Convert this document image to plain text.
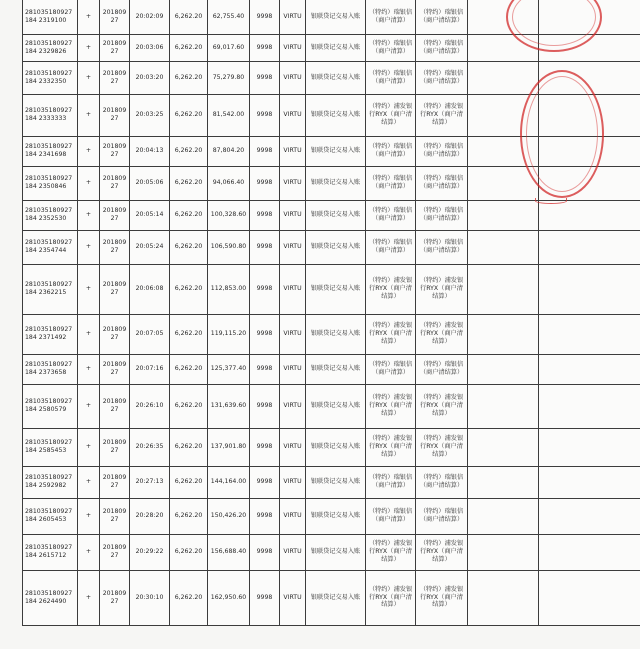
281035180927184 2319100	+	20180927	20:02:09	6,262.20	62,755.40	9998	VIRTU	银联贷记交易入账	（特约）瑞银信（商户清算）	（特约）瑞银信（商户清结算）		
281035180927184 2329826	+	20180927	20:03:06	6,262.20	69,017.60	9998	VIRTU	银联贷记交易入账	（特约）瑞银信（商户清算）	（特约）瑞银信（商户清结算）		
281035180927184 2332350	+	20180927	20:03:20	6,262.20	75,279.80	9998	VIRTU	银联贷记交易入账	（特约）瑞银信（商户清算）	（特约）瑞银信（商户清结算）		
281035180927184 2333333	+	20180927	20:03:25	6,262.20	81,542.00	9998	VIRTU	银联贷记交易入账	（特约）浦发银行RYX（商户清结算）	（特约）浦发银行RYX（商户清结算）		
281035180927184 2341698	+	20180927	20:04:13	6,262.20	87,804.20	9998	VIRTU	银联贷记交易入账	（特约）瑞银信（商户清算）	（特约）瑞银信（商户清结算）		
281035180927184 2350846	+	20180927	20:05:06	6,262.20	94,066.40	9998	VIRTU	银联贷记交易入账	（特约）瑞银信（商户清算）	（特约）瑞银信（商户清结算）		
281035180927184 2352530	+	20180927	20:05:14	6,262.20	100,328.60	9998	VIRTU	银联贷记交易入账	（特约）瑞银信（商户清算）	（特约）瑞银信（商户清结算）		
281035180927184 2354744	+	20180927	20:05:24	6,262.20	106,590.80	9998	VIRTU	银联贷记交易入账	（特约）瑞银信（商户清算）	（特约）瑞银信（商户清结算）		
281035180927184 2362215	+	20180927	20:06:08	6,262.20	112,853.00	9998	VIRTU	银联贷记交易入账	（特约）浦发银行RYX（商户清结算）	（特约）浦发银行RYX（商户清结算）		
281035180927184 2371492	+	20180927	20:07:05	6,262.20	119,115.20	9998	VIRTU	银联贷记交易入账	（特约）浦发银行RYX（商户清结算）	（特约）浦发银行RYX（商户清结算）		
281035180927184 2373658	+	20180927	20:07:16	6,262.20	125,377.40	9998	VIRTU	银联贷记交易入账	（特约）瑞银信（商户清算）	（特约）瑞银信（商户清结算）		
281035180927184 2580579	+	20180927	20:26:10	6,262.20	131,639.60	9998	VIRTU	银联贷记交易入账	（特约）浦发银行RYX（商户清结算）	（特约）浦发银行RYX（商户清结算）		
281035180927184 2585453	+	20180927	20:26:35	6,262.20	137,901.80	9998	VIRTU	银联贷记交易入账	（特约）浦发银行RYX（商户清结算）	（特约）浦发银行RYX（商户清结算）		
281035180927184 2592982	+	20180927	20:27:13	6,262.20	144,164.00	9998	VIRTU	银联贷记交易入账	（特约）瑞银信（商户清算）	（特约）瑞银信（商户清结算）		
281035180927184 2605453	+	20180927	20:28:20	6,262.20	150,426.20	9998	VIRTU	银联贷记交易入账	（特约）瑞银信（商户清算）	（特约）瑞银信（商户清结算）		
281035180927184 2615712	+	20180927	20:29:22	6,262.20	156,688.40	9998	VIRTU	银联贷记交易入账	（特约）浦发银行RYX（商户清结算）	（特约）浦发银行RYX（商户清结算）		
281035180927184 2624490	+	20180927	20:30:10	6,262.20	162,950.60	9998	VIRTU	银联贷记交易入账	（特约）浦发银行RYX（商户清结算）	（特约）浦发银行RYX（商户清结算）		
